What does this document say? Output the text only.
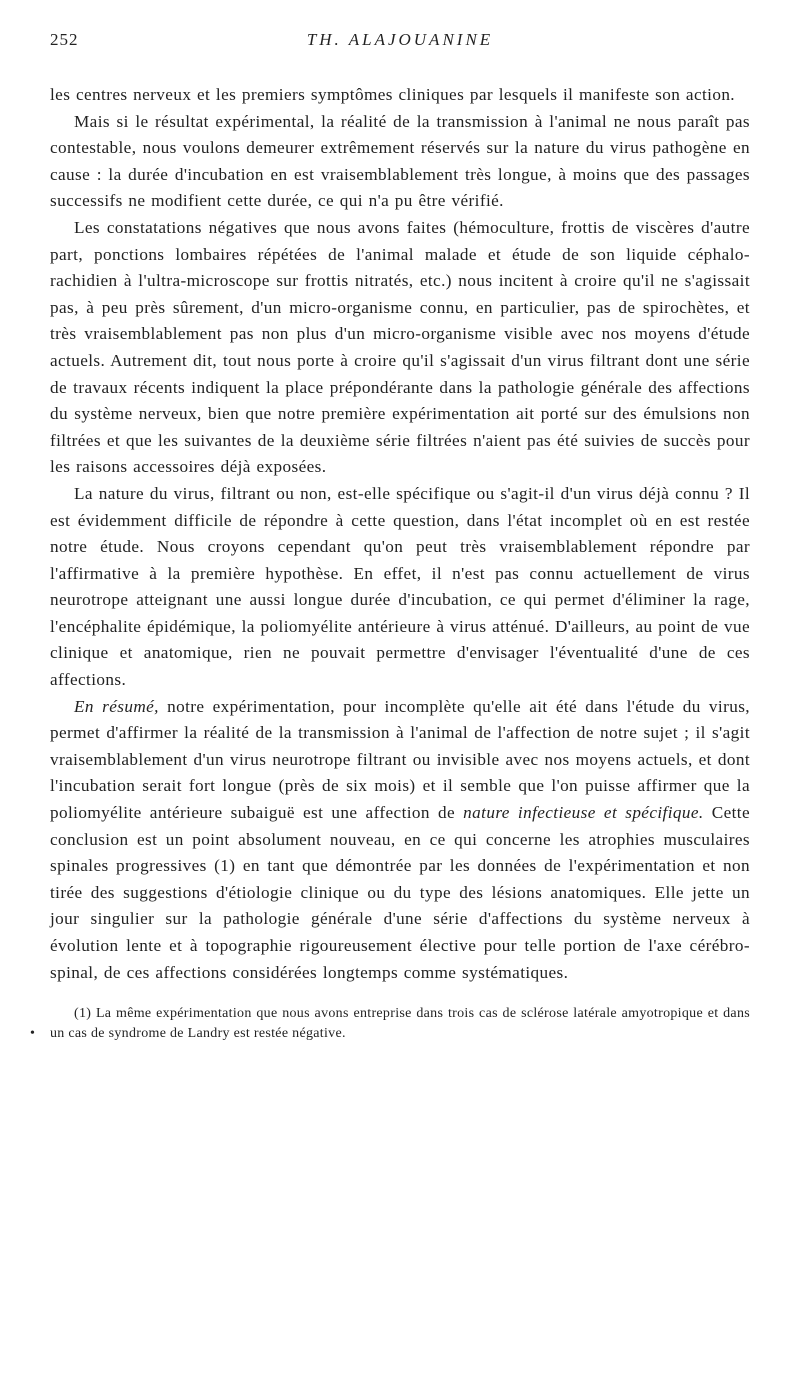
252	TH. ALAJOUANINE

les centres nerveux et les premiers symptômes cliniques par lesquels il manifeste son action.

Mais si le résultat expérimental, la réalité de la transmission à l'animal ne nous paraît pas contestable, nous voulons demeurer extrêmement réservés sur la nature du virus pathogène en cause : la durée d'incubation en est vraisemblablement très longue, à moins que des passages successifs ne modifient cette durée, ce qui n'a pu être vérifié.

Les constatations négatives que nous avons faites (hémoculture, frottis de viscères d'autre part, ponctions lombaires répétées de l'animal malade et étude de son liquide céphalo-rachidien à l'ultra-microscope sur frottis nitratés, etc.) nous incitent à croire qu'il ne s'agissait pas, à peu près sûrement, d'un micro-organisme connu, en particulier, pas de spirochètes, et très vraisemblablement pas non plus d'un micro-organisme visible avec nos moyens d'étude actuels. Autrement dit, tout nous porte à croire qu'il s'agissait d'un virus filtrant dont une série de travaux récents indiquent la place prépondérante dans la pathologie générale des affections du système nerveux, bien que notre première expérimentation ait porté sur des émulsions non filtrées et que les suivantes de la deuxième série filtrées n'aient pas été suivies de succès pour les raisons accessoires déjà exposées.

La nature du virus, filtrant ou non, est-elle spécifique ou s'agit-il d'un virus déjà connu ? Il est évidemment difficile de répondre à cette question, dans l'état incomplet où en est restée notre étude. Nous croyons cependant qu'on peut très vraisemblablement répondre par l'affirmative à la première hypothèse. En effet, il n'est pas connu actuellement de virus neurotrope atteignant une aussi longue durée d'incubation, ce qui permet d'éliminer la rage, l'encéphalite épidémique, la poliomyélite antérieure à virus atténué. D'ailleurs, au point de vue clinique et anatomique, rien ne pouvait permettre d'envisager l'éventualité d'une de ces affections.

En résumé, notre expérimentation, pour incomplète qu'elle ait été dans l'étude du virus, permet d'affirmer la réalité de la transmission à l'animal de l'affection de notre sujet ; il s'agit vraisemblablement d'un virus neurotrope filtrant ou invisible avec nos moyens actuels, et dont l'incubation serait fort longue (près de six mois) et il semble que l'on puisse affirmer que la poliomyélite antérieure subaiguë est une affection de nature infectieuse et spécifique. Cette conclusion est un point absolument nouveau, en ce qui concerne les atrophies musculaires spinales progressives (1) en tant que démontrée par les données de l'expérimentation et non tirée des suggestions d'étiologie clinique ou du type des lésions anatomiques. Elle jette un jour singulier sur la pathologie générale d'une série d'affections du système nerveux à évolution lente et à topographie rigoureusement élective pour telle portion de l'axe cérébro-spinal, de ces affections considérées longtemps comme systématiques.

•

(1) La même expérimentation que nous avons entreprise dans trois cas de sclérose latérale amyotropique et dans un cas de syndrome de Landry est restée négative.
